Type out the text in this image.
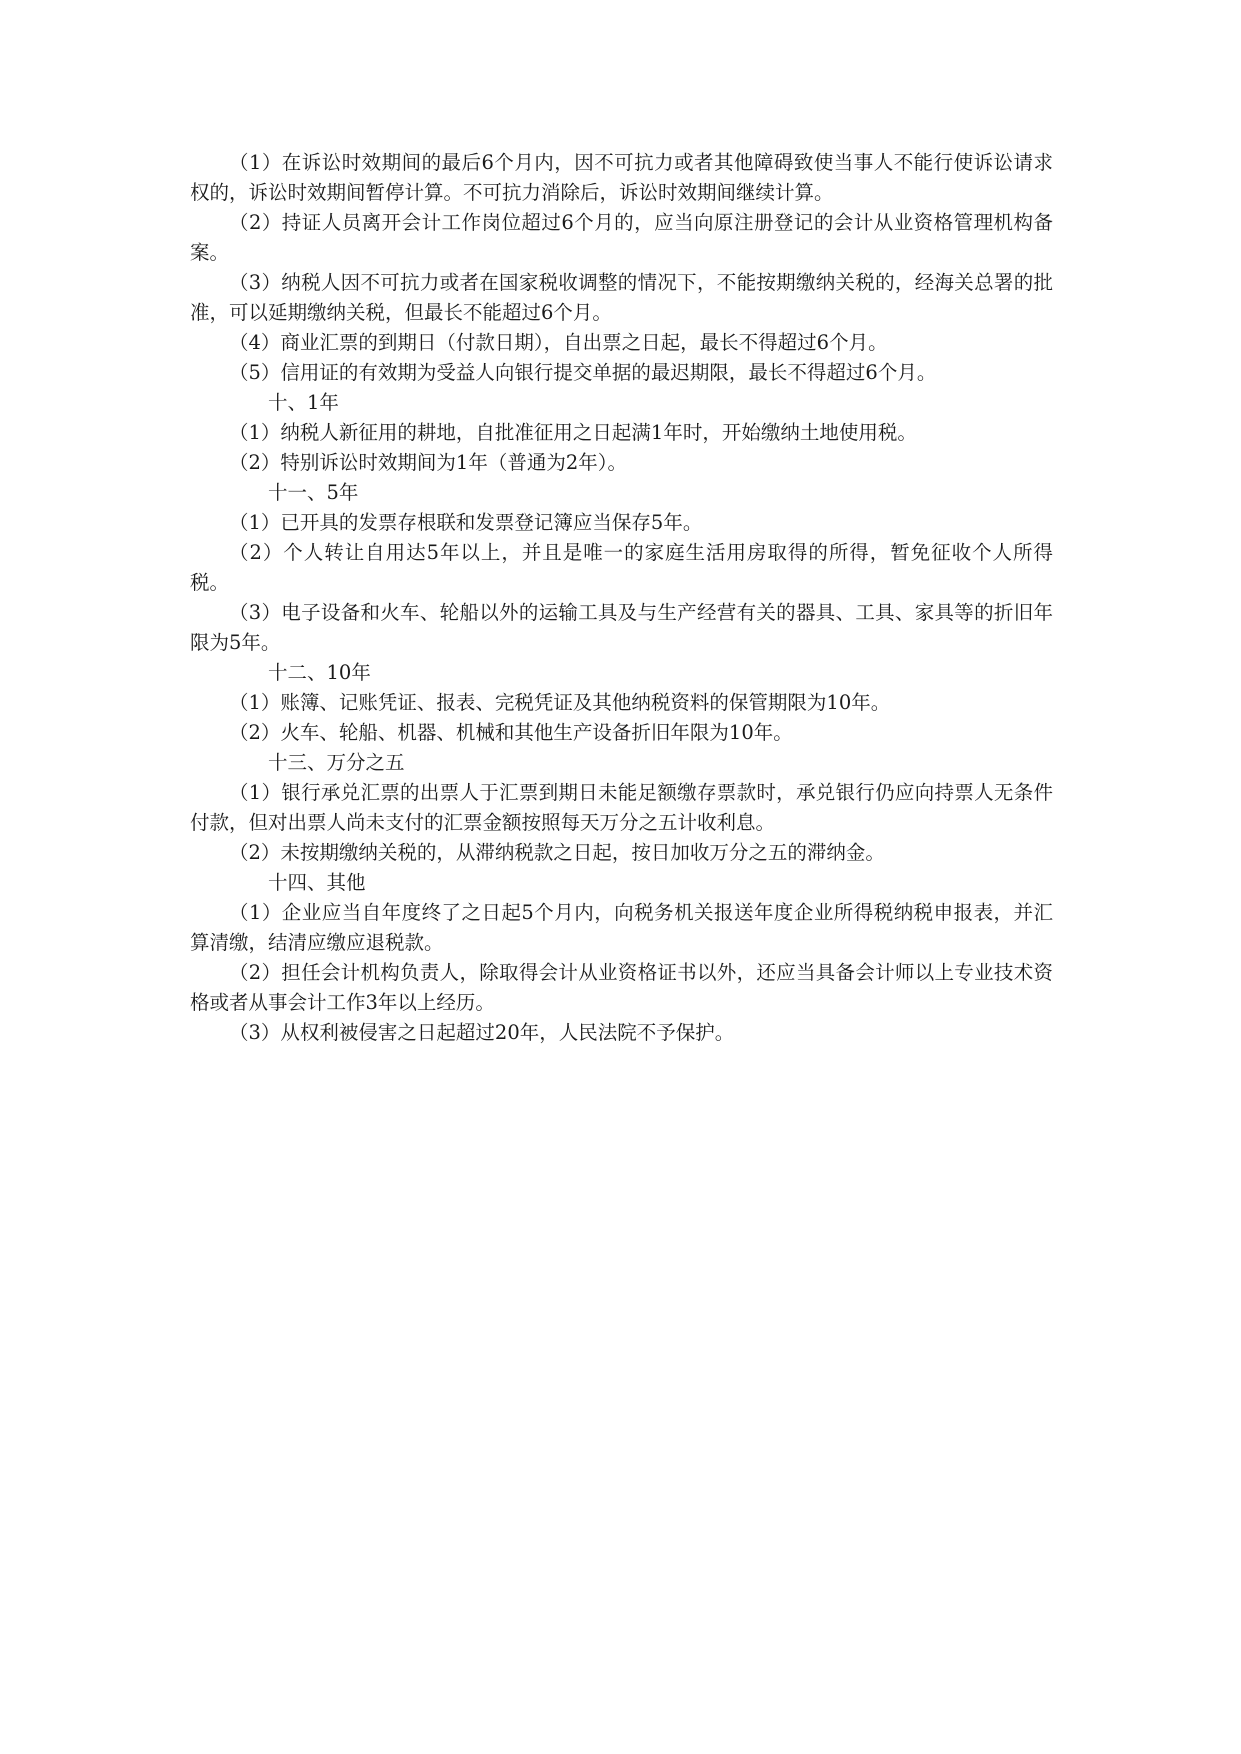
（1）在诉讼时效期间的最后6个月内，因不可抗力或者其他障碍致使当事人不能行使诉讼请求权的，诉讼时效期间暂停计算。不可抗力消除后，诉讼时效期间继续计算。

（2）持证人员离开会计工作岗位超过6个月的，应当向原注册登记的会计从业资格管理机构备案。

（3）纳税人因不可抗力或者在国家税收调整的情况下，不能按期缴纳关税的，经海关总署的批准，可以延期缴纳关税，但最长不能超过6个月。

（4）商业汇票的到期日（付款日期），自出票之日起，最长不得超过6个月。

（5）信用证的有效期为受益人向银行提交单据的最迟期限，最长不得超过6个月。

十、1年

（1）纳税人新征用的耕地，自批准征用之日起满1年时，开始缴纳土地使用税。

（2）特别诉讼时效期间为1年（普通为2年）。

十一、5年

（1）已开具的发票存根联和发票登记簿应当保存5年。

（2）个人转让自用达5年以上，并且是唯一的家庭生活用房取得的所得，暂免征收个人所得税。

（3）电子设备和火车、轮船以外的运输工具及与生产经营有关的器具、工具、家具等的折旧年限为5年。

十二、10年

（1）账簿、记账凭证、报表、完税凭证及其他纳税资料的保管期限为10年。

（2）火车、轮船、机器、机械和其他生产设备折旧年限为10年。

十三、万分之五

（1）银行承兑汇票的出票人于汇票到期日未能足额缴存票款时，承兑银行仍应向持票人无条件付款，但对出票人尚未支付的汇票金额按照每天万分之五计收利息。

（2）未按期缴纳关税的，从滞纳税款之日起，按日加收万分之五的滞纳金。

十四、其他

（1）企业应当自年度终了之日起5个月内，向税务机关报送年度企业所得税纳税申报表，并汇算清缴，结清应缴应退税款。

（2）担任会计机构负责人，除取得会计从业资格证书以外，还应当具备会计师以上专业技术资格或者从事会计工作3年以上经历。

（3）从权利被侵害之日起超过20年，人民法院不予保护。
